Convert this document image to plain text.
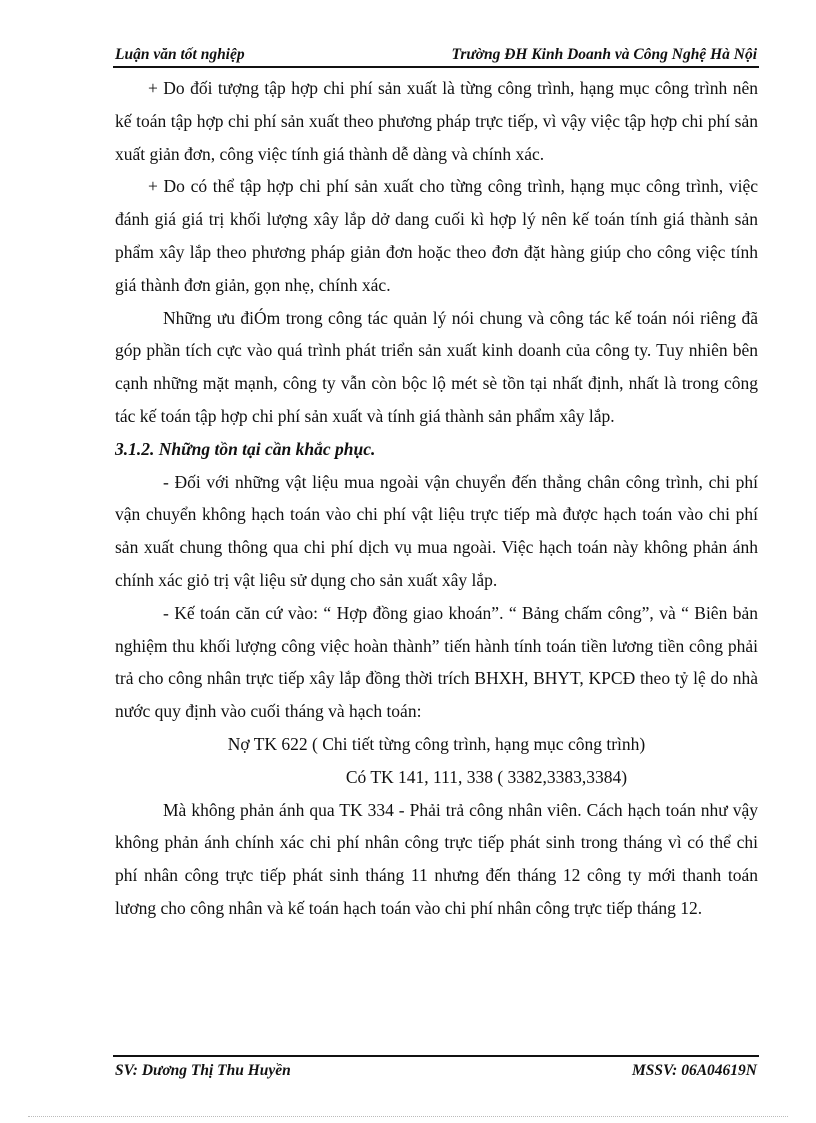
Luận văn tốt nghiệp	Trường ĐH Kinh Doanh và Công Nghệ Hà Nội

+ Do đối tượng tập hợp chi phí sản xuất là từng công trình, hạng mục công trình nên kế toán tập hợp chi phí sản xuất theo phương pháp trực tiếp, vì vậy việc tập hợp chi phí sản xuất giản đơn, công việc tính giá thành dễ dàng và chính xác.

+ Do có thể tập hợp chi phí sản xuất cho từng công trình, hạng mục công trình, việc đánh giá giá trị khối lượng xây lắp dở dang cuối kì hợp lý nên kế toán tính giá thành sản phẩm xây lắp theo phương pháp giản đơn hoặc theo đơn đặt hàng giúp cho công việc tính giá thành đơn giản, gọn nhẹ, chính xác.

Những ưu điÓm trong công tác quản lý nói chung và công tác kế toán nói riêng đã góp phần tích cực vào quá trình phát triển sản xuất kinh doanh của công ty. Tuy nhiên bên cạnh những mặt mạnh, công ty vẫn còn bộc lộ mét sè tồn tại nhất định, nhất là trong công tác kế toán tập hợp chi phí sản xuất và tính giá thành sản phẩm xây lắp.

3.1.2. Những tồn tại cần khắc phục.

- Đối với những vật liệu mua ngoài vận chuyển đến thẳng chân công trình, chi phí vận chuyển không hạch toán vào chi phí vật liệu trực tiếp mà được hạch toán vào chi phí sản xuất chung thông qua chi phí dịch vụ mua ngoài. Việc hạch toán này không phản ánh chính xác giỏ trị vật liệu sử dụng cho sản xuất xây lắp.

- Kế toán căn cứ vào: “ Hợp đồng giao khoán”. “ Bảng chấm công”, và “ Biên bản nghiệm thu khối lượng công việc hoàn thành” tiến hành tính toán tiền lương tiền công phải trả cho công nhân trực tiếp xây lắp đồng thời trích BHXH, BHYT, KPCĐ theo tỷ lệ do nhà nước quy định vào cuối tháng và hạch toán:

Nợ TK 622 ( Chi tiết từng công trình, hạng mục công trình)

Có TK 141, 111, 338 ( 3382,3383,3384)

Mà không phản ánh qua TK 334 - Phải trả công nhân viên. Cách hạch toán như vậy không phản ánh chính xác chi phí nhân công trực tiếp phát sinh trong tháng vì có thể chi phí nhân công trực tiếp phát sinh tháng 11 nhưng đến tháng 12 công ty mới thanh toán lương cho công nhân và kế toán hạch toán vào chi phí nhân công trực tiếp tháng 12.

SV: Dương Thị Thu Huyền	MSSV: 06A04619N
